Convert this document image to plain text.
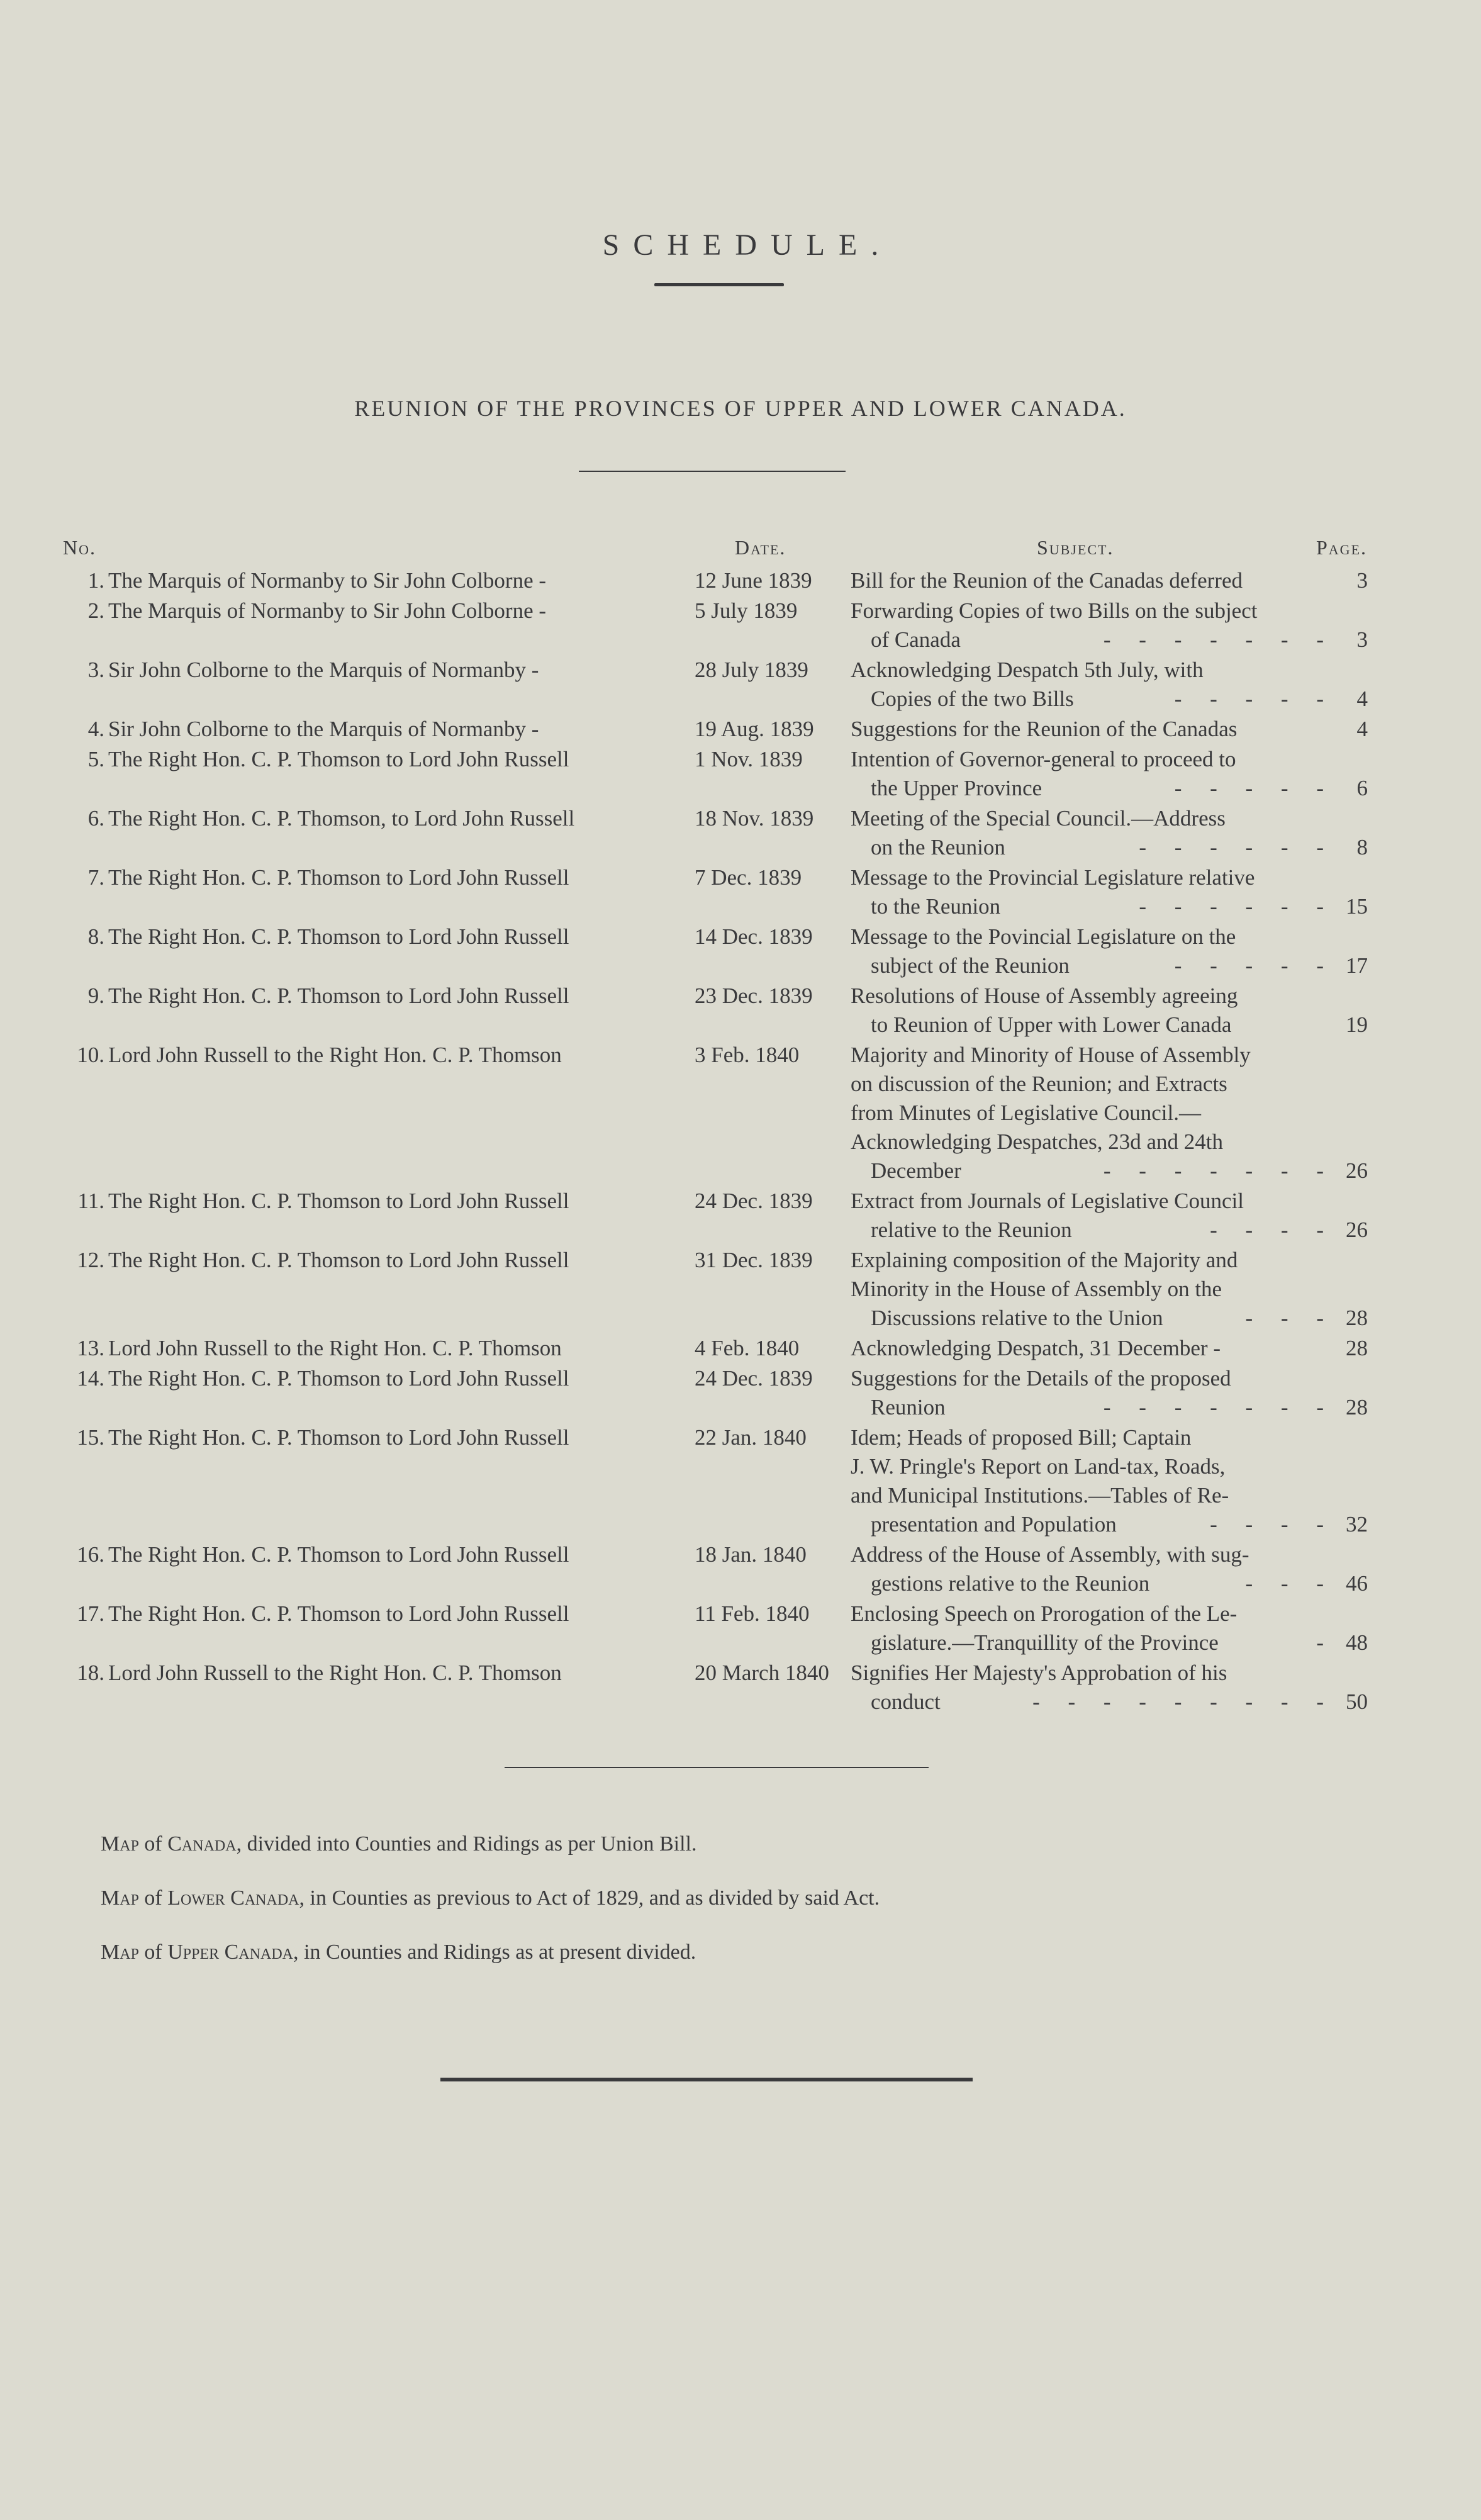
SCHEDULE.
REUNION OF THE PROVINCES OF UPPER AND LOWER CANADA.
No.	Date.	Subject.	Page.
1. The Marquis of Normanby to Sir John Colborne -	12 June 1839	Bill for the Reunion of the Canadas deferred	3
2. The Marquis of Normanby to Sir John Colborne -	5 July 1839	Forwarding Copies of two Bills on the subject
of Canada	- - - - - - - 3
3. Sir John Colborne to the Marquis of Normanby -	28 July 1839	Acknowledging Despatch 5th July, with
Copies of the two Bills	- - - - - 4
4. Sir John Colborne to the Marquis of Normanby -	19 Aug. 1839	Suggestions for the Reunion of the Canadas	4
5. The Right Hon. C. P. Thomson to Lord John Russell	1 Nov. 1839	Intention of Governor-general to proceed to
the Upper Province	- - - - - 6
6. The Right Hon. C. P. Thomson, to Lord John Russell	18 Nov. 1839	Meeting of the Special Council.—Address
on the Reunion	- - - - - - 8
7. The Right Hon. C. P. Thomson to Lord John Russell	7 Dec. 1839	Message to the Provincial Legislature relative
to the Reunion	- - - - - - 15
8. The Right Hon. C. P. Thomson to Lord John Russell	14 Dec. 1839	Message to the Povincial Legislature on the
subject of the Reunion	- - - - - 17
9. The Right Hon. C. P. Thomson to Lord John Russell	23 Dec. 1839	Resolutions of House of Assembly agreeing
to Reunion of Upper with Lower Canada	19
10. Lord John Russell to the Right Hon. C. P. Thomson	3 Feb. 1840	Majority and Minority of House of Assembly
on discussion of the Reunion; and Extracts
from Minutes of Legislative Council.—
Acknowledging Despatches, 23d and 24th
December	- - - - - - - 26
11. The Right Hon. C. P. Thomson to Lord John Russell	24 Dec. 1839	Extract from Journals of Legislative Council
relative to the Reunion	- - - - 26
12. The Right Hon. C. P. Thomson to Lord John Russell	31 Dec. 1839	Explaining composition of the Majority and
Minority in the House of Assembly on the
Discussions relative to the Union	- - - 28
13. Lord John Russell to the Right Hon. C. P. Thomson	4 Feb. 1840	Acknowledging Despatch, 31 December -	28
14. The Right Hon. C. P. Thomson to Lord John Russell	24 Dec. 1839	Suggestions for the Details of the proposed
Reunion	- - - - - - - 28
15. The Right Hon. C. P. Thomson to Lord John Russell	22 Jan. 1840	Idem; Heads of proposed Bill; Captain
J. W. Pringle's Report on Land-tax, Roads,
and Municipal Institutions.—Tables of Re-
presentation and Population	- - - - 32
16. The Right Hon. C. P. Thomson to Lord John Russell	18 Jan. 1840	Address of the House of Assembly, with sug-
gestions relative to the Reunion	- - - 46
17. The Right Hon. C. P. Thomson to Lord John Russell	11 Feb. 1840	Enclosing Speech on Prorogation of the Le-
gislature.—Tranquillity of the Province	- 48
18. Lord John Russell to the Right Hon. C. P. Thomson	20 March 1840 Signifies Her Majesty's Approbation of his
conduct	- - - - - - - - - 50
Map of Canada, divided into Counties and Ridings as per Union Bill.
Map of Lower Canada, in Counties as previous to Act of 1829, and as divided by said Act.
Map of Upper Canada, in Counties and Ridings as at present divided.
